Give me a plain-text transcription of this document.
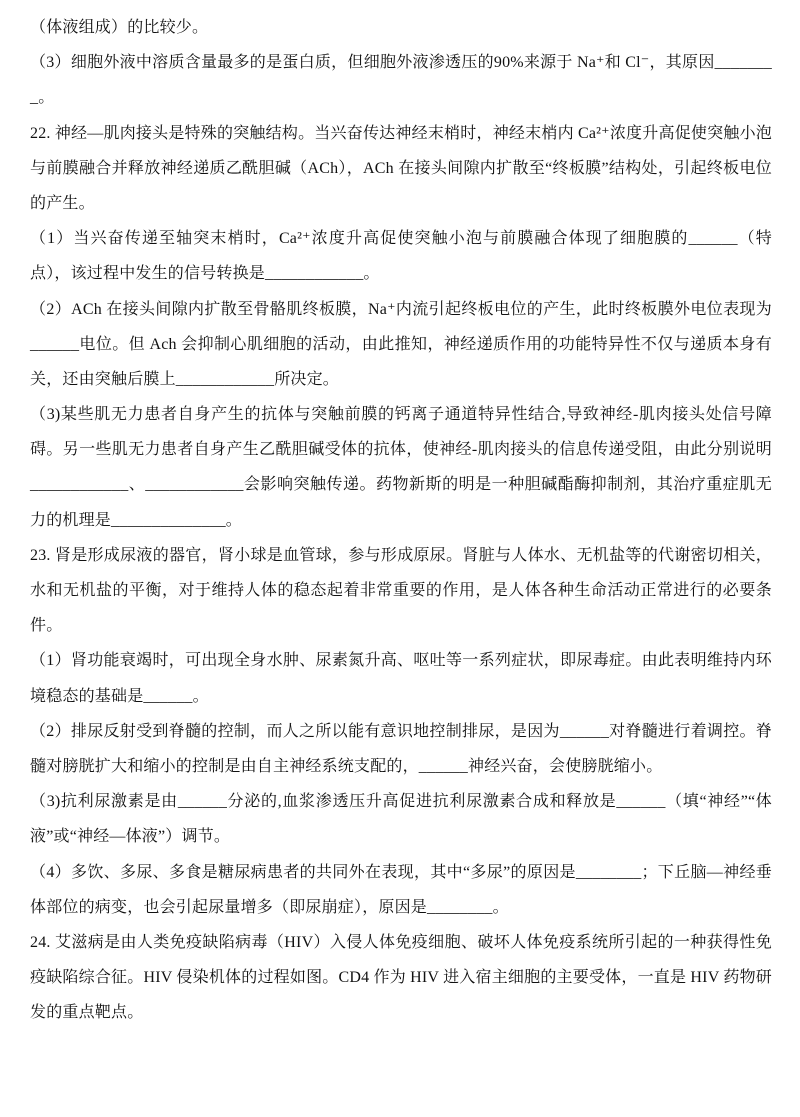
（体液组成）的比较少。

（3）细胞外液中溶质含量最多的是蛋白质，但细胞外液渗透压的90%来源于 Na⁺和 Cl⁻，其原因________。

22. 神经—肌肉接头是特殊的突触结构。当兴奋传达神经末梢时，神经末梢内 Ca²⁺浓度升高促使突触小泡与前膜融合并释放神经递质乙酰胆碱（ACh），ACh 在接头间隙内扩散至“终板膜”结构处，引起终板电位的产生。

（1）当兴奋传递至轴突末梢时，Ca²⁺浓度升高促使突触小泡与前膜融合体现了细胞膜的______（特点），该过程中发生的信号转换是____________。

（2）ACh 在接头间隙内扩散至骨骼肌终板膜，Na⁺内流引起终板电位的产生，此时终板膜外电位表现为______电位。但 Ach 会抑制心肌细胞的活动，由此推知，神经递质作用的功能特异性不仅与递质本身有关，还由突触后膜上____________所决定。

（3)某些肌无力患者自身产生的抗体与突触前膜的钙离子通道特异性结合,导致神经-肌肉接头处信号障碍。另一些肌无力患者自身产生乙酰胆碱受体的抗体，使神经-肌肉接头的信息传递受阻，由此分别说明____________、____________会影响突触传递。药物新斯的明是一种胆碱酯酶抑制剂，其治疗重症肌无力的机理是______________。

23. 肾是形成尿液的器官，肾小球是血管球，参与形成原尿。肾脏与人体水、无机盐等的代谢密切相关，水和无机盐的平衡，对于维持人体的稳态起着非常重要的作用，是人体各种生命活动正常进行的必要条件。

（1）肾功能衰竭时，可出现全身水肿、尿素氮升高、呕吐等一系列症状，即尿毒症。由此表明维持内环境稳态的基础是______。

（2）排尿反射受到脊髓的控制，而人之所以能有意识地控制排尿，是因为______对脊髓进行着调控。脊髓对膀胱扩大和缩小的控制是由自主神经系统支配的，______神经兴奋，会使膀胱缩小。

（3)抗利尿激素是由______分泌的,血浆渗透压升高促进抗利尿激素合成和释放是______（填“神经”“体液”或“神经—体液”）调节。

（4）多饮、多尿、多食是糖尿病患者的共同外在表现，其中“多尿”的原因是________；下丘脑—神经垂体部位的病变，也会引起尿量增多（即尿崩症），原因是________。

24. 艾滋病是由人类免疫缺陷病毒（HIV）入侵人体免疫细胞、破坏人体免疫系统所引起的一种获得性免疫缺陷综合征。HIV 侵染机体的过程如图。CD4 作为 HIV 进入宿主细胞的主要受体，一直是 HIV 药物研发的重点靶点。
